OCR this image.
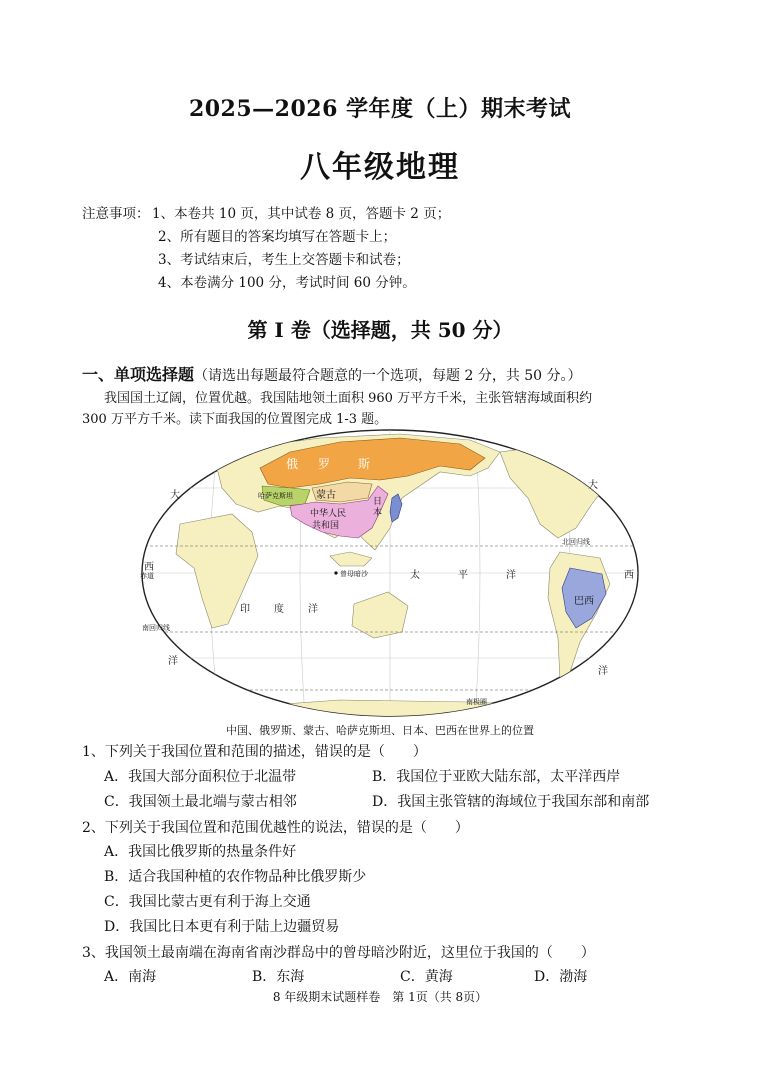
2025—2026 学年度（上）期末考试
八年级地理
注意事项： 1、本卷共 10 页，其中试卷 8 页，答题卡 2 页；
2、所有题目的答案均填写在答题卡上；
3、考试结束后，考生上交答题卡和试卷；
4、本卷满分 100 分，考试时间 60 分钟。
第 I 卷（选择题，共 50 分）
一、单项选择题（请选出每题最符合题意的一个选项，每题 2 分，共 50 分。）
我国国土辽阔，位置优越。我国陆地领土面积 960 万平方千米，主张管辖海域面积约
300 万平方千米。读下面我国的位置图完成 1-3 题。
俄 罗 斯
哈萨克斯坦 蒙古
中华人民
共和国
日
本
巴西
曾母暗沙
赤道
北回归线
南回归线
南极圈
印 度 洋
太	平	洋
大
西
洋
大
西
洋
中国、俄罗斯、蒙古、哈萨克斯坦、日本、巴西在世界上的位置
1、下列关于我国位置和范围的描述，错误的是（　　）
A．我国大部分面积位于北温带	B．我国位于亚欧大陆东部，太平洋西岸
C．我国领土最北端与蒙古相邻	D．我国主张管辖的海域位于我国东部和南部
2、下列关于我国位置和范围优越性的说法，错误的是（　　）
A．我国比俄罗斯的热量条件好
B．适合我国种植的农作物品种比俄罗斯少
C．我国比蒙古更有利于海上交通
D．我国比日本更有利于陆上边疆贸易
3、我国领土最南端在海南省南沙群岛中的曾母暗沙附近，这里位于我国的（　　）
A．南海	B．东海	C．黄海	D．渤海
8 年级期末试题样卷　第 1页（共 8页）
